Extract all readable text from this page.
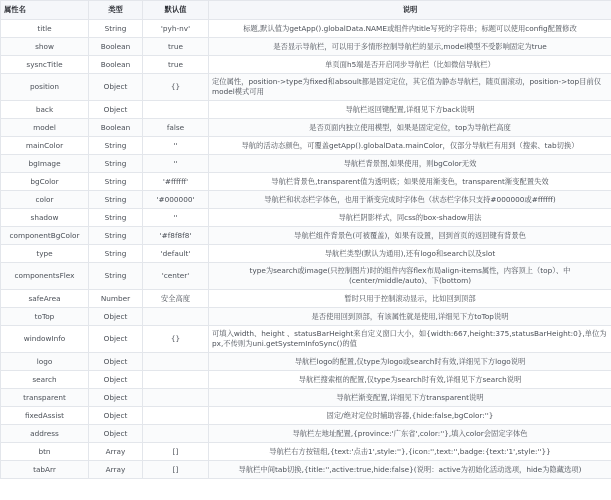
属性名	类型	默认值	说明
title	String	'pyh-nv'	标题,默认值为getApp().globalData.NAME或组件内title写死的字符串；标题可以使用config配置修改
show	Boolean	true	是否显示导航栏，可以用于多情形控制导航栏的显示,model模型不受影响固定为true
sysncTitle	Boolean	true	单页面h5端是否开启同步导航栏（比如微信导航栏）
position	Object	{}	定位属性，position->type为fixed和absoult都是固定定位，其它值为静态导航栏，随页面滚动，position->top目前仅model模式可用
back	Object		导航栏返回键配置,详细见下方back说明
model	Boolean	false	是否页面内独立使用模型，如果是固定定位，top为导航栏高度
mainColor	String	''	导航的活动态颜色，可覆盖getApp().globalData.mainColor，仅部分导航栏有用到（搜索、tab切换）
bgImage	String	''	导航栏背景图,如果使用，则bgColor无效
bgColor	String	'#ffffff'	导航栏背景色,transparent值为透明底；如果使用渐变色，transparent渐变配置失效
color	String	'#000000'	导航栏和状态栏字体色，也用于渐变完成时字体色（状态栏字体只支持#000000或#ffffff)
shadow	String	''	导航栏阴影样式，同css的box-shadow用法
componentBgColor	String	'#f8f8f8'	导航栏组件背景色(可被覆盖)，如果有设置，回到首页的返回键有背景色
type	String	'default'	导航栏类型(默认为通用),还有logo和search以及slot
componentsFlex	String	'center'	type为search或image(只控制图片)时的组件内容flex布局align-items属性，内容顶上（top）、中(center/middle/auto)、下(bottom)
safeArea	Number	安全高度	暂时只用于控制滚动显示，比如回到顶部
toTop	Object		是否使用回到顶部，有该属性就是使用,详细见下方toTop说明
windowInfo	Object	{}	可填入width、height 、statusBarHeight来自定义窗口大小，如{width:667,height:375,statusBarHeight:0},单位为px,不传则为uni.getSystemInfoSync()的值
logo	Object		导航栏logo的配置,仅type为logo或search时有效,详细见下方logo说明
search	Object		导航栏搜索框的配置,仅type为search时有效,详细见下方search说明
transparent	Object		导航栏渐变配置,详细见下方transparent说明
fixedAssist	Object		固定/绝对定位时辅助容器,{hide:false,bgColor:''}
address	Object		导航栏左地址配置,{province:'广东省',color:''},填入color会固定字体色
btn	Array	[]	导航栏右方按钮组,{text:'点击1',style:''},{icon:'',text:'',badge:{text:'1',style:''}}
tabArr	Array	[]	导航栏中间tab切换,{title:'',active:true,hide:false}(说明：active为初始化活动选项，hide为隐藏选项)
